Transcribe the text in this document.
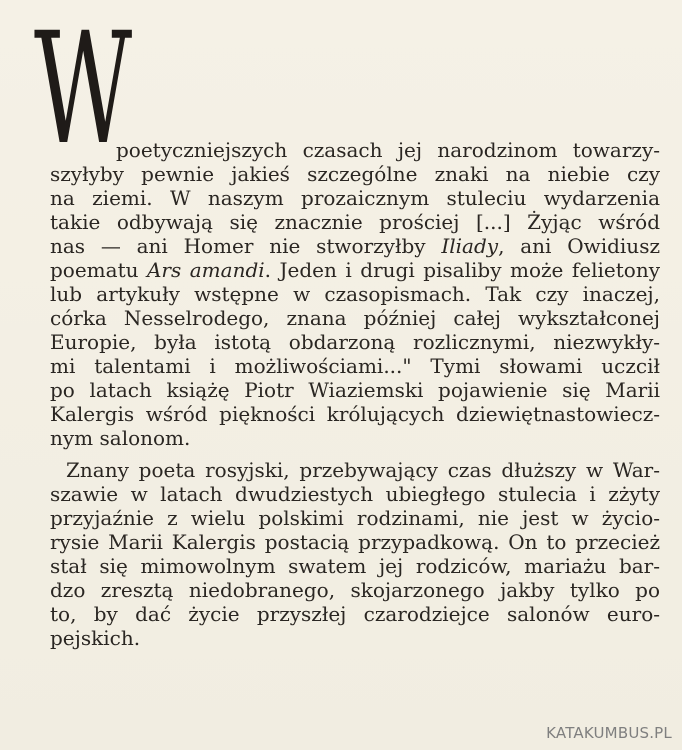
W
poetyczniejszych czasach jej narodzinom towarzy-
szyłyby pewnie jakieś szczególne znaki na niebie czy
na ziemi. W naszym prozaicznym stuleciu wydarzenia
takie odbywają się znacznie prościej [...] Żyjąc wśród
nas — ani Homer nie stworzyłby Iliady, ani Owidiusz
poematu Ars amandi. Jeden i drugi pisaliby może felietony
lub artykuły wstępne w czasopismach. Tak czy inaczej,
córka Nesselrodego, znana później całej wykształconej
Europie, była istotą obdarzoną rozlicznymi, niezwykły-
mi talentami i możliwościami..." Tymi słowami uczcił
po latach książę Piotr Wiaziemski pojawienie się Marii
Kalergis wśród piękności królujących dziewiętnastowiecz-
nym salonom.
Znany poeta rosyjski, przebywający czas dłuższy w War-
szawie w latach dwudziestych ubiegłego stulecia i zżyty
przyjaźnie z wielu polskimi rodzinami, nie jest w życio-
rysie Marii Kalergis postacią przypadkową. On to przecież
stał się mimowolnym swatem jej rodziców, mariażu bar-
dzo zresztą niedobranego, skojarzonego jakby tylko po
to, by dać życie przyszłej czarodziejce salonów euro-
pejskich.
KATAKUMBUS.PL
